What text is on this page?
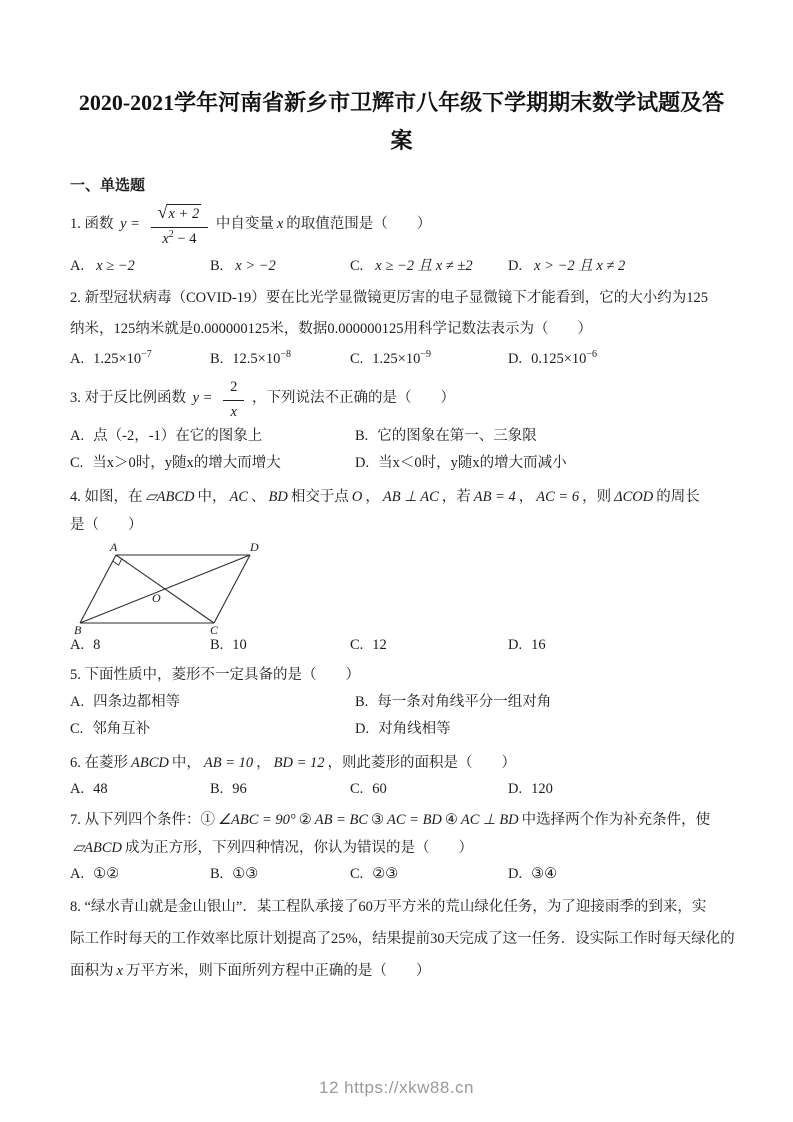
2020-2021学年河南省新乡市卫辉市八年级下学期期末数学试题及答案
一、单选题
1. 函数 $y = \frac{√ x + 2}{x^2 - 4}$ 中自变量 x 的取值范围是（　　）
A. x ≥ −2	B. x > −2	C. x ≥ −2 且 x ≠ ±2	D. x > −2 且 x ≠ 2
2. 新型冠状病毒（COVID-19）要在比光学显微镜更厉害的电子显微镜下才能看到，它的大小约为125
纳米，125纳米就是0.000000125米，数据0.000000125用科学记数法表示为（　　）
A. $1.25\times 10^{-7}$	B. $12.5\times 10^{-8}$	C. $1.25\times 10^{-9}$	D. $0.125\times 10^{-6}$
3. 对于反比例函数 $y = \frac{2}{x}$ ，下列说法不正确的是（　　）
A. 点（-2，-1）在它的图象上	B. 它的图象在第一、三象限
C. 当x＞0时，y随x的增大而增大	D. 当x＜0时，y随x的增大而减小
4. 如图，在 ▱ABCD 中， AC 、 BD 相交于点 O ， AB ⊥ AC ，若 AB = 4 ， AC = 6 ，则 ΔCOD 的周长
是（　　）
A	D
B	C
O
A. 8	B. 10	C. 12	D. 16
5. 下面性质中，菱形不一定具备的是（　　）
A. 四条边都相等	B. 每一条对角线平分一组对角
C. 邻角互补	D. 对角线相等
6. 在菱形 ABCD 中， AB = 10 ， BD = 12 ，则此菱形的面积是（　　）
A. 48	B. 96	C. 60	D. 120
7. 从下列四个条件：① ∠ABC = 90° ② AB = BC ③ AC = BD ④ AC ⊥ BD 中选择两个作为补充条件，使
▱ABCD 成为正方形，下列四种情况，你认为错误的是（　　）
A. ①②	B. ①③	C. ②③	D. ③④
8. “绿水青山就是金山银山”．某工程队承接了60万平方米的荒山绿化任务，为了迎接雨季的到来，实
际工作时每天的工作效率比原计划提高了25%，结果提前30天完成了这一任务．设实际工作时每天绿化的
面积为 x 万平方米，则下面所列方程中正确的是（　　）
12 https://xkw88.cn
